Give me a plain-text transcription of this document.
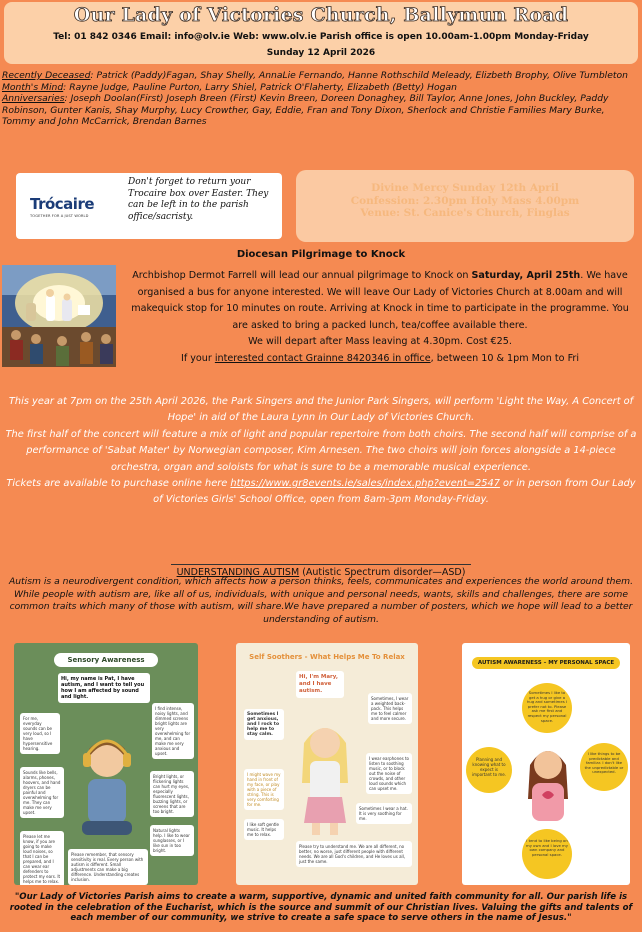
Our Lady of Victories Church, Ballymun Road
Tel: 01 842 0346 Email: info@olv.ie Web: www.olv.ie Parish office is open 10.00am-1.00pm Monday-Friday
Sunday 12 April 2026
Recently Deceased: Patrick (Paddy)Fagan, Shay Shelly, AnnaLie Fernando, Hanne Rothschild Meleady, Elizbeth Brophy, Olive Tumbleton
Month's Mind: Rayne Judge, Pauline Purton, Larry Shiel, Patrick O'Flaherty, Elizabeth (Betty) Hogan
Anniversaries: Joseph Doolan(First) Joseph Breen (First) Kevin Breen, Doreen Donaghey, Bill Taylor, Anne Jones, John Buckley, Paddy Robinson, Gunter Kanis, Shay Murphy, Lucy Crowther, Gay, Eddie, Fran and Tony Dixon, Sherlock and Christie Families Mary Burke, Tommy and John McCarrick, Brendan Barnes
Trócaire
TOGETHER FOR A JUST WORLD
Don't forget to return your Trocaire box over Easter. They can be left in to the parish office/sacristy.
Divine Mercy Sunday 12th April
Confession: 2.30pm Holy Mass 4.00pm
Venue: St. Canice's Church, Finglas
Diocesan Pilgrimage to Knock
Archbishop Dermot Farrell will lead our annual pilgrimage to Knock on Saturday, April 25th. We have organised a bus for anyone interested. We will leave Our Lady of Victories Church at 8.00am and will makequick stop for 10 minutes on route. Arriving at Knock in time to participate in the programme. You are asked to bring a packed lunch, tea/coffee available there.
We will depart after Mass leaving at 4.30pm. Cost €25.
If your interested contact Grainne 8420346 in office, between 10 & 1pm Mon to Fri
This year at 7pm on the 25th April 2026, the Park Singers and the Junior Park Singers, will perform 'Light the Way, A Concert of Hope' in aid of the Laura Lynn in Our Lady of Victories Church.
The first half of the concert will feature a mix of light and popular repertoire from both choirs. The second half will comprise of a performance of 'Sabat Mater' by Norwegian composer, Kim Arnesen. The two choirs will join forces alongside a 14-piece orchestra, organ and soloists for what is sure to be a memorable musical experience.
Tickets are available to purchase online here https://www.gr8events.ie/sales/index.php?event=2547 or in person from Our Lady of Victories Girls' School Office, open from 8am-3pm Monday-Friday.
UNDERSTANDING AUTISM (Autistic Spectrum disorder—ASD)
Autism is a neurodivergent condition, which affects how a person thinks, feels, communicates and experiences the world around them. While people with autism are, like all of us, individuals, with unique and personal needs, wants, skills and challenges, there are some common traits which many of those with autism, will share.We have prepared a number of posters, which we hope will lead to a better understanding of autism.
Sensory Awareness
Hi, my name is Pat, I have autism, and I want to tell you how I am affected by sound and light.
For me, everyday sounds can be very loud, so I have hypersensitive hearing.
I find intense, noisy lights, and dimmed screens bright lights are very overwhelming for me, and can make me very anxious and upset.
Sounds like bells, alarms, phones, hoovers, and hand dryers can be painful and overwhelming for me. They can make me very upset.
Bright lights, or flickering lights can hurt my eyes, especially fluorescent lights, buzzing lights, or screens that are too bright.
Natural lights help. I like to wear sunglasses, or I like sun in too bright.
Please let me know, if you are going to make loud noises, so that I can be prepared, and I can wear ear defenders to protect my ears. It helps me to relax.
Please remember, that sensory sensitivity is real. Every person with autism is different. Small adjustments can make a big difference. Understanding creates inclusion.
Self Soothers - What Helps Me To Relax
Hi, I'm Mary, and I have autism.
Sometimes I get anxious, and I rock to help me to stay calm.
Sometimes, I wear a weighted back-pack. This helps me to feel calmer and more secure.
I might wave my hand in front of my face, or play with a piece of string. This is very comforting for me.
I wear earphones to listen to soothing music, or to block out the noise of crowds, and other loud sounds which can upset me.
Sometimes I wear a hat. It is very soothing for me.
I like soft gentle music. It helps me to relax.
Please try to understand me. We are all different, no better, no worse, just different people with different needs. We are all God's children, and He loves us all, just the same.
AUTISM AWARENESS – MY PERSONAL SPACE
Sometimes I like to get a hug or give a hug and sometimes I prefer not to. Please ask me first and respect my personal space.
Planning and knowing what to expect is important to me.
I like things to be predictable and familiar. I don't like the unpredictable or unexpected.
I tend to like being on my own and I love my own company and personal space.
"Our Lady of Victories Parish aims to create a warm, supportive, dynamic and united faith community for all. Our parish life is rooted in the celebration of the Eucharist, which is the source and summit of our Christian lives. Valuing the gifts and talents of each member of our community, we strive to create a safe space to serve others in the name of Jesus."
